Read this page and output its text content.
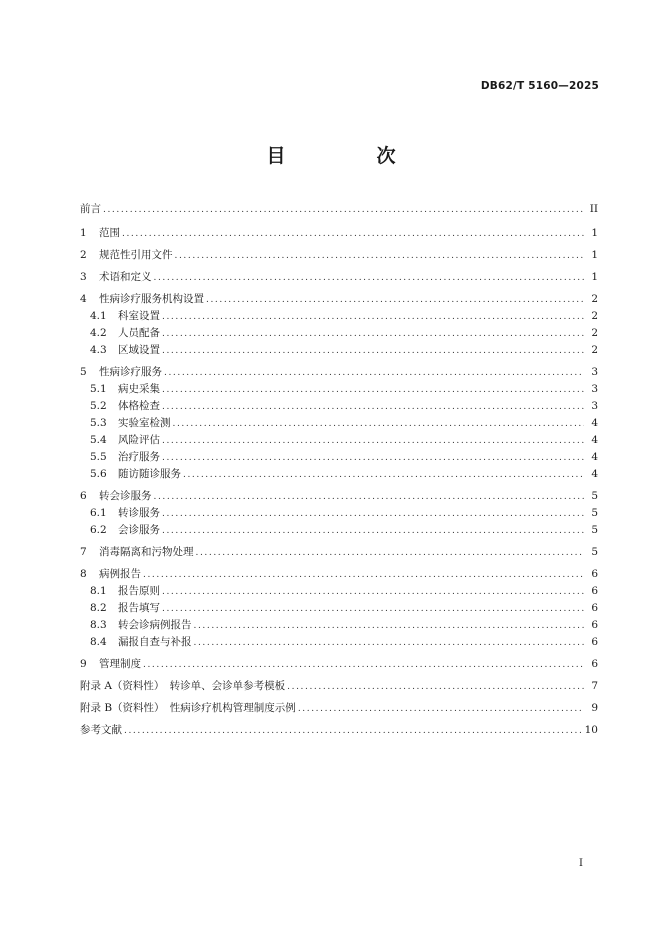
DB62/T 5160—2025
目　次
前言 .....	II
1	范围 .....	1
2	规范性引用文件 .....	1
3	术语和定义 .....	1
4	性病诊疗服务机构设置 .....	2
4.1	科室设置 .....	2
4.2	人员配备 .....	2
4.3	区域设置 .....	2
5	性病诊疗服务 .....	3
5.1	病史采集 .....	3
5.2	体格检查 .....	3
5.3	实验室检测 .....	4
5.4	风险评估 .....	4
5.5	治疗服务 .....	4
5.6	随访随诊服务 .....	4
6	转会诊服务 .....	5
6.1	转诊服务 .....	5
6.2	会诊服务 .....	5
7	消毒隔离和污物处理 .....	5
8	病例报告 .....	6
8.1	报告原则 .....	6
8.2	报告填写 .....	6
8.3	转会诊病例报告 .....	6
8.4	漏报自查与补报 .....	6
9	管理制度 .....	6
附录 A（资料性）　转诊单、会诊单参考模板 .....	7
附录 B（资料性）　性病诊疗机构管理制度示例 .....	9
参考文献 .....	10
I
